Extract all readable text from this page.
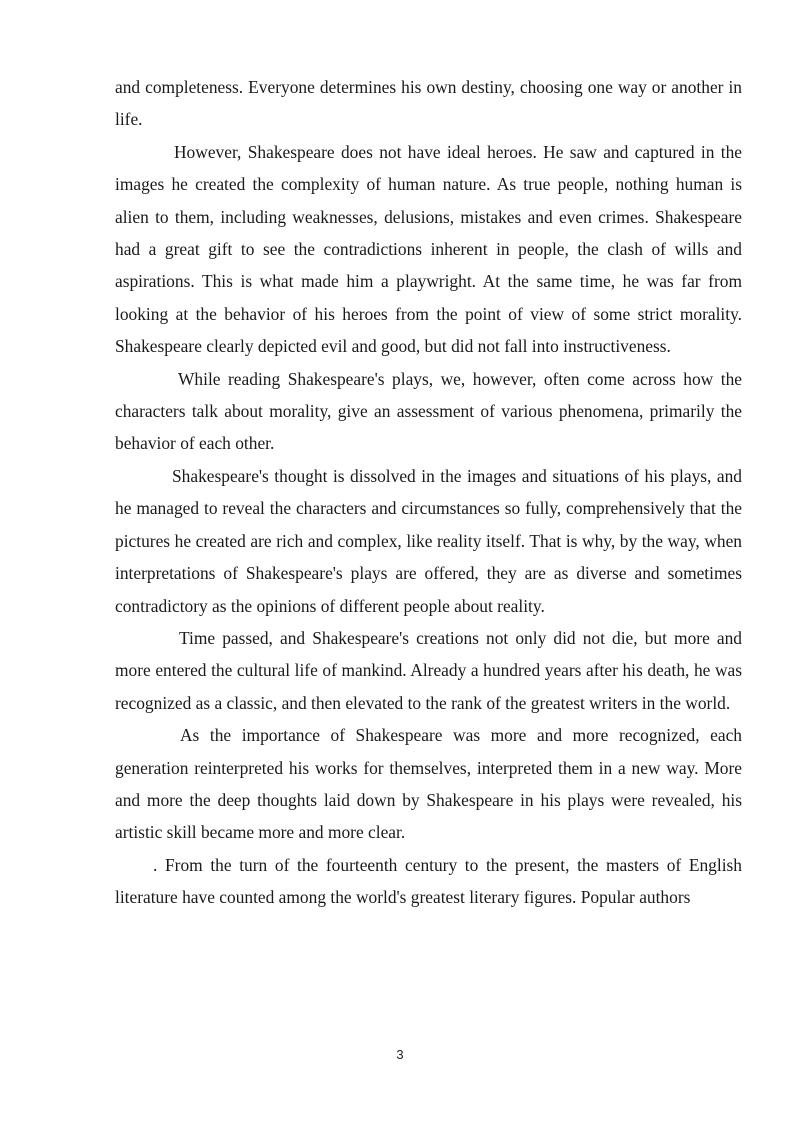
and completeness. Everyone determines his own destiny, choosing one way or another in life.

However, Shakespeare does not have ideal heroes. He saw and captured in the images he created the complexity of human nature. As true people, nothing human is alien to them, including weaknesses, delusions, mistakes and even crimes. Shakespeare had a great gift to see the contradictions inherent in people, the clash of wills and aspirations. This is what made him a playwright. At the same time, he was far from looking at the behavior of his heroes from the point of view of some strict morality. Shakespeare clearly depicted evil and good, but did not fall into instructiveness.

While reading Shakespeare's plays, we, however, often come across how the characters talk about morality, give an assessment of various phenomena, primarily the behavior of each other.

Shakespeare's thought is dissolved in the images and situations of his plays, and he managed to reveal the characters and circumstances so fully, comprehensively that the pictures he created are rich and complex, like reality itself. That is why, by the way, when interpretations of Shakespeare's plays are offered, they are as diverse and sometimes contradictory as the opinions of different people about reality.

Time passed, and Shakespeare's creations not only did not die, but more and more entered the cultural life of mankind. Already a hundred years after his death, he was recognized as a classic, and then elevated to the rank of the greatest writers in the world.

As the importance of Shakespeare was more and more recognized, each generation reinterpreted his works for themselves, interpreted them in a new way. More and more the deep thoughts laid down by Shakespeare in his plays were revealed, his artistic skill became more and more clear.

. From the turn of the fourteenth century to the present, the masters of English literature have counted among the world's greatest literary figures. Popular authors

3
